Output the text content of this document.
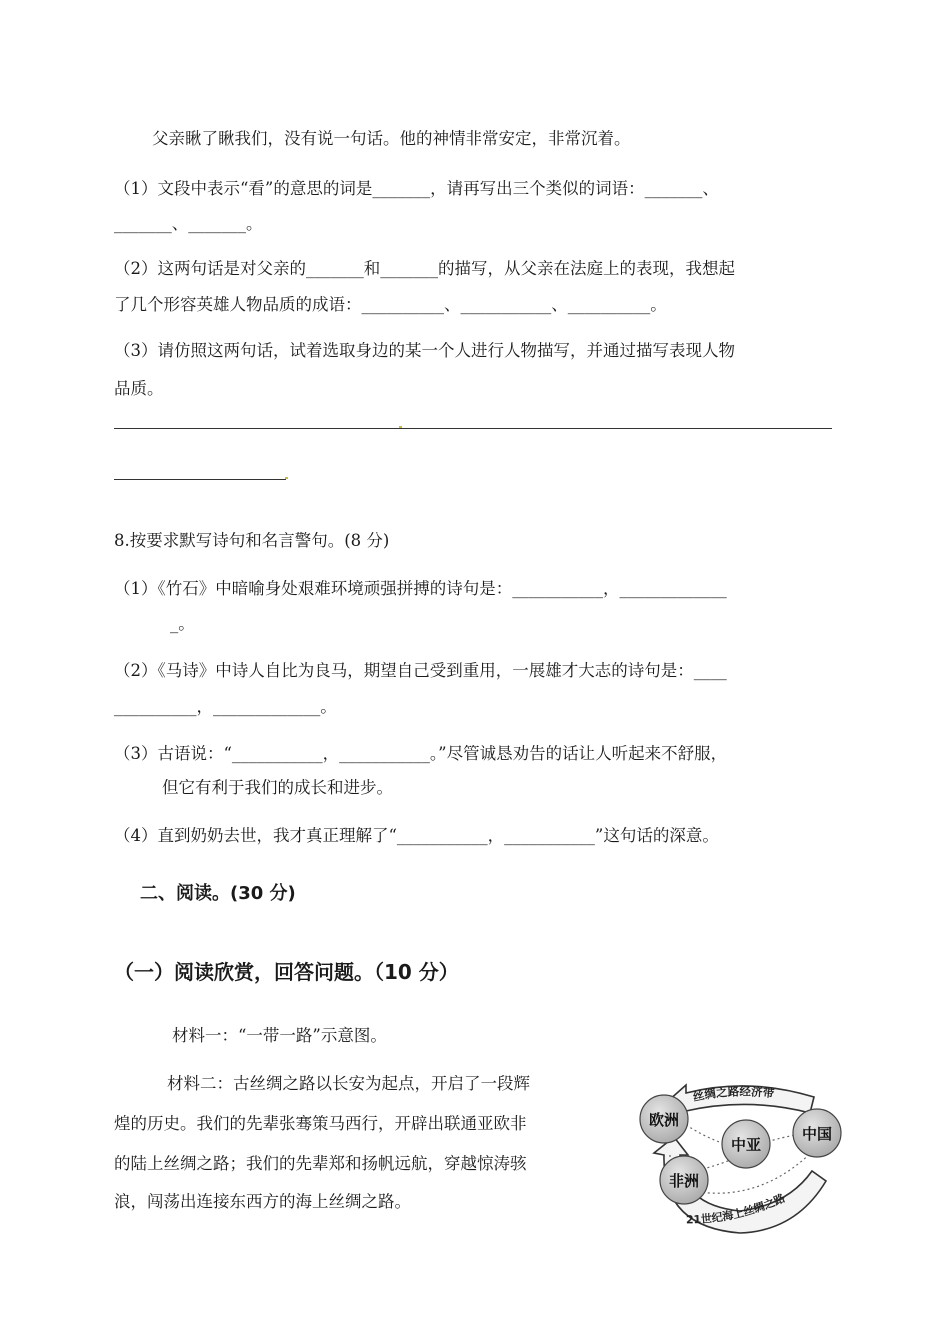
父亲瞅了瞅我们，没有说一句话。他的神情非常安定，非常沉着。
（1）文段中表示“看”的意思的词是_______，请再写出三个类似的词语：_______、
_______、_______。
（2）这两句话是对父亲的_______和_______的描写，从父亲在法庭上的表现，我想起
了几个形容英雄人物品质的成语：__________、___________、__________。
（3）请仿照这两句话，试着选取身边的某一个人进行人物描写，并通过描写表现人物
品质。
8.按要求默写诗句和名言警句。(8 分)
（1）《竹石》中暗喻身处艰难环境顽强拼搏的诗句是：___________，_____________
_。
（2）《马诗》中诗人自比为良马，期望自己受到重用，一展雄才大志的诗句是：____
__________，_____________。
（3）古语说：“___________，___________。”尽管诚恳劝告的话让人听起来不舒服，
但它有利于我们的成长和进步。
（4）直到奶奶去世，我才真正理解了“___________，___________”这句话的深意。
二、阅读。(30 分)
（一）阅读欣赏，回答问题。（10 分）
材料一：“一带一路”示意图。
材料二：古丝绸之路以长安为起点，开启了一段辉
煌的历史。我们的先辈张骞策马西行，开辟出联通亚欧非
的陆上丝绸之路；我们的先辈郑和扬帆远航，穿越惊涛骇
浪，闯荡出连接东西方的海上丝绸之路。
丝绸之路经济带
21世纪海上丝绸之路
欧洲
中亚
中国
非洲
